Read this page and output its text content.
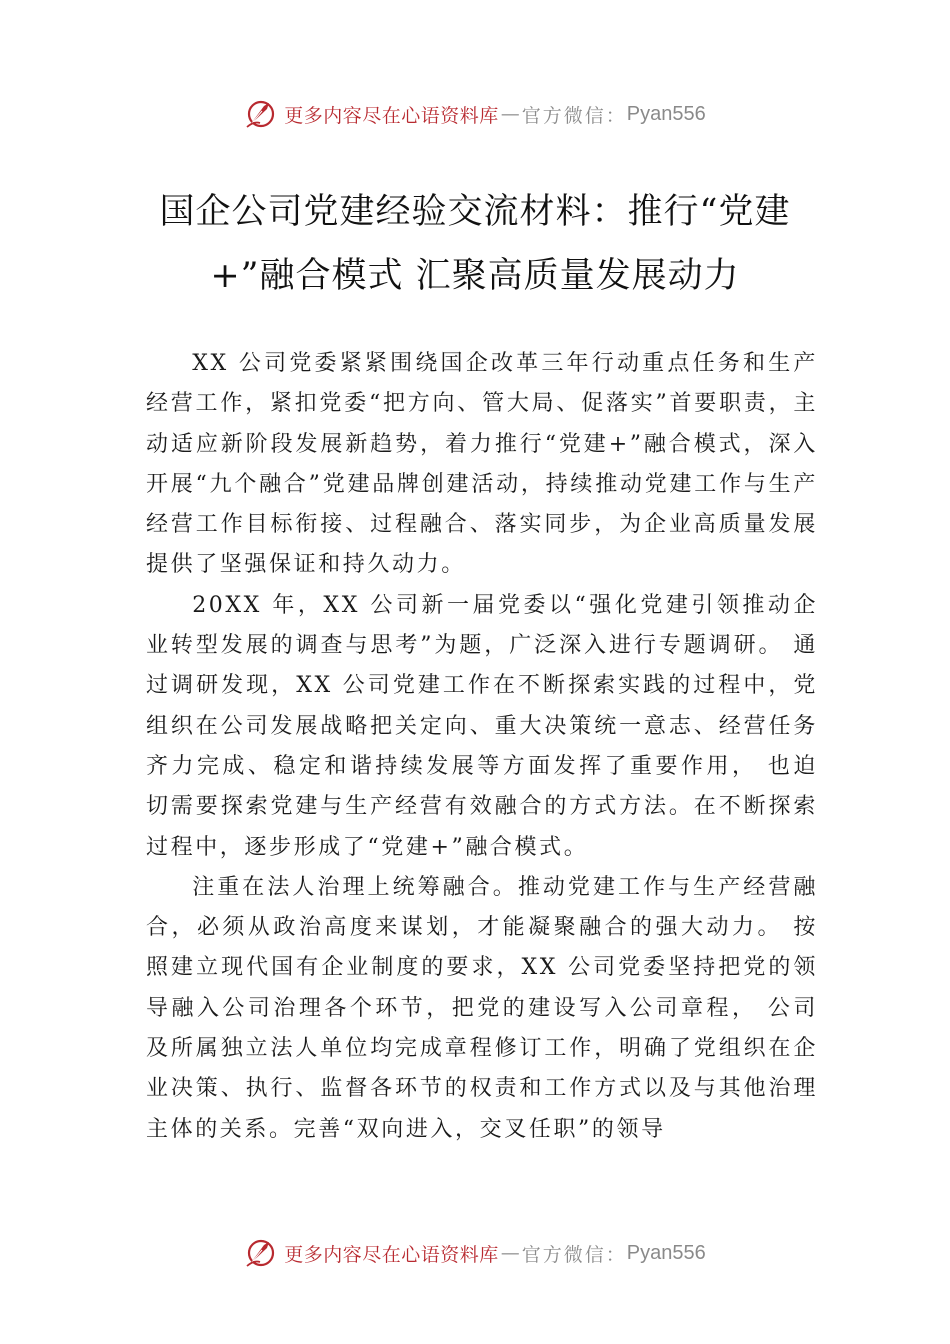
更多内容尽在心语资料库 — 官方微信： Pyan556
国企公司党建经验交流材料：推行“党建
+”融合模式 汇聚高质量发展动力

XX 公司党委紧紧围绕国企改革三年行动重点任务和生产经营工作，紧扣党委“把方向、管大局、促落实”首要职责，主动适应新阶段发展新趋势，着力推行“党建+”融合模式，深入开展“九个融合”党建品牌创建活动，持续推动党建工作与生产经营工作目标衔接、过程融合、落实同步，为企业高质量发展提供了坚强保证和持久动力。

20XX 年，XX 公司新一届党委以“强化党建引领推动企业转型发展的调查与思考”为题，广泛深入进行专题调研。 通过调研发现，XX 公司党建工作在不断探索实践的过程中，党组织在公司发展战略把关定向、重大决策统一意志、经营任务齐力完成、稳定和谐持续发展等方面发挥了重要作用， 也迫切需要探索党建与生产经营有效融合的方式方法。在不断探索过程中，逐步形成了“党建+”融合模式。

注重在法人治理上统筹融合。推动党建工作与生产经营融合，必须从政治高度来谋划，才能凝聚融合的强大动力。 按照建立现代国有企业制度的要求，XX 公司党委坚持把党的领导融入公司治理各个环节，把党的建设写入公司章程， 公司及所属独立法人单位均完成章程修订工作，明确了党组织在企业决策、执行、监督各环节的权责和工作方式以及与其他治理主体的关系。完善“双向进入，交叉任职”的领导

更多内容尽在心语资料库 — 官方微信： Pyan556
